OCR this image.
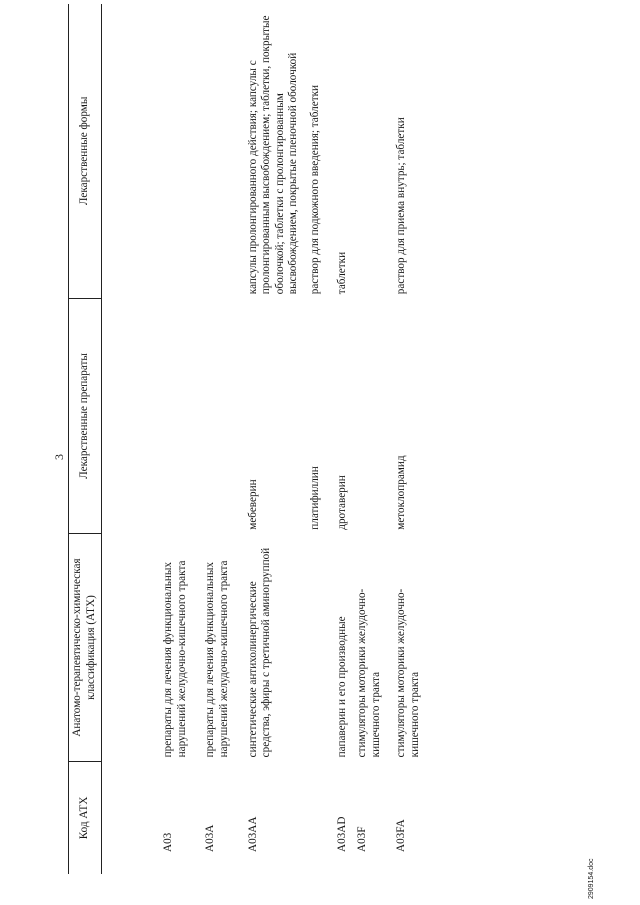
3
Код АТХ	Анатомо-терапевтическо-химическая классификация (АТХ)	Лекарственные препараты	Лекарственные формы
A03	препараты для лечения функциональных нарушений желудочно-кишечного тракта		
A03A	препараты для лечения функциональных нарушений желудочно-кишечного тракта		
A03AA	синтетические антихолинергические средства, эфиры с третичной аминогруппой	мебеверин	капсулы пролонгированного действия; капсулы с пролонгированным высвобождением; таблетки, покрытые оболочкой; таблетки с пролонгированным высвобождением, покрытые пленочной оболочкой
		платифиллин	раствор для подкожного введения; таблетки
A03AD	папаверин и его производные	дротаверин	таблетки
A03F	стимуляторы моторики желудочно-кишечного тракта		
A03FA	стимуляторы моторики желудочно-кишечного тракта	метоклопрамид	раствор для приема внутрь; таблетки
2909154.doc
